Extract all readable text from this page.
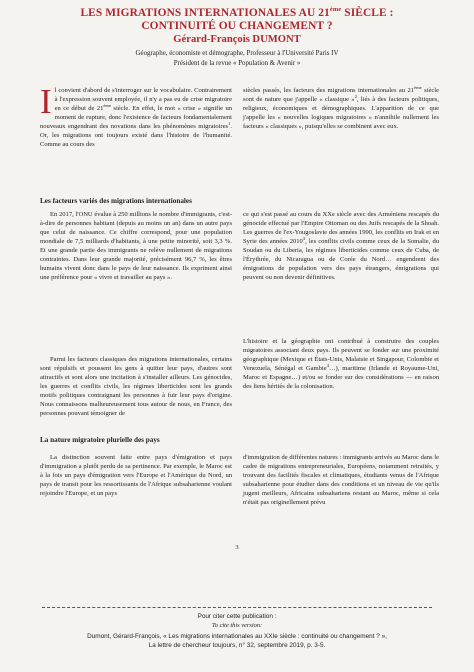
LES MIGRATIONS INTERNATIONALES AU 21ème SIÈCLE :
CONTINUITÉ OU CHANGEMENT ?
Gérard-François DUMONT
Géographe, économiste et démographe, Professeur à l'Université Paris IV
Président de la revue « Population & Avenir »

Il convient d'abord de s'interroger sur le vocabulaire. Contrairement à l'expression souvent employée, il n'y a pas eu de crise migratoire en ce début de 21ème siècle. En effet, le mot « crise » signifie un moment de rupture, donc l'existence de facteurs fondamentalement nouveaux engendrant des novations dans les phénomènes migratoires$^1$. Or, les migrations ont toujours existé dans l'histoire de l'humanité. Comme au cours des

siècles passés, les facteurs des migrations internationales au 21ème siècle sont de nature que j'appelle « classique »$^2$, liés à des facteurs politiques, religieux, économiques et démographiques. L'apparition de ce que j'appelle les « nouvelles logiques migratoires » n'annihile nullement les facteurs « classiques », puisqu'elles se combinent avec eux.

Les facteurs variés des migrations internationales

En 2017, l'ONU évalue à 250 millions le nombre d'immigrants, c'est-à-dire de personnes habitant (depuis au moins un an) dans un autre pays que celui de naissance. Ce chiffre correspond, pour une population mondiale de 7,5 milliards d'habitants, à une petite minorité, soit 3,3 %. Et une grande partie des immigrants ne relève nullement de migrations contraintes. Dans leur grande majorité, précisément 96,7 %, les êtres humains vivent donc dans le pays de leur naissance. Ils expriment ainsi une préférence pour « vivre et travailler au pays ».

Parmi les facteurs classiques des migrations internationales, certains sont répulsifs et poussent les gens à quitter leur pays, d'autres sont attractifs et sont alors une incitation à s'installer ailleurs. Les génocides, les guerres et conflits civils, les régimes liberticides sont les grands motifs politiques contraignant les personnes à fuir leur pays d'origine. Nous connaissons malheureusement tous autour de nous, en France, des personnes pouvant témoigner de

ce qui s'est passé au cours du XXe siècle avec des Arméniens rescapés du génocide effectué par l'Empire Ottoman ou des Juifs rescapés de la Shoah. Les guerres de l'ex-Yougoslavie des années 1990, les conflits en Irak et en Syrie des années 2010$^3$, les conflits civils comme ceux de la Somalie, du Soudan ou du Liberia, les régimes liberticides comme ceux de Cuba, de l'Érythrée, du Nicaragua ou de Corée du Nord… engendrent des émigrations de population vers des pays étrangers, émigrations qui peuvent ou non devenir définitives.

L'histoire et la géographie ont contribué à construire des couples migratoires associant deux pays. Ils peuvent se fonder sur une proximité géographique (Mexique et États-Unis, Malaisie et Singapour, Colombie et Venezuela, Sénégal et Gambie$^4$…), maritime (Irlande et Royaume-Uni, Maroc et Espagne…) et/ou se fonder sur des considérations — en raison des liens hérités de la colonisation.

La nature migratoire plurielle des pays

La distinction souvent faite entre pays d'émigration et pays d'immigration a plutôt perdu de sa pertinence. Par exemple, le Maroc est à la fois un pays d'émigration vers l'Europe et l'Amérique du Nord, un pays de transit pour les ressortissants de l'Afrique subsaharienne voulant rejoindre l'Europe, et un pays

d'immigration de différentes natures : immigrants arrivés au Maroc dans le cadre de migrations entrepreneuriales, Européens, notamment retraités, y trouvant des facilités fiscales et climatiques, étudiants venus de l'Afrique subsaharienne pour étudier dans des conditions et un niveau de vie qu'ils jugent meilleurs, Africains subsahariens restant au Maroc, même si cela n'était pas originellement prévu

3
Pour citer cette publication :
To cite this version:
Dumont, Gérard-François, « Les migrations internationales au XXIe siècle : continuité ou changement ? »,
La lettre de chercheur toujours, n° 32, septembre 2019, p. 3-5.
